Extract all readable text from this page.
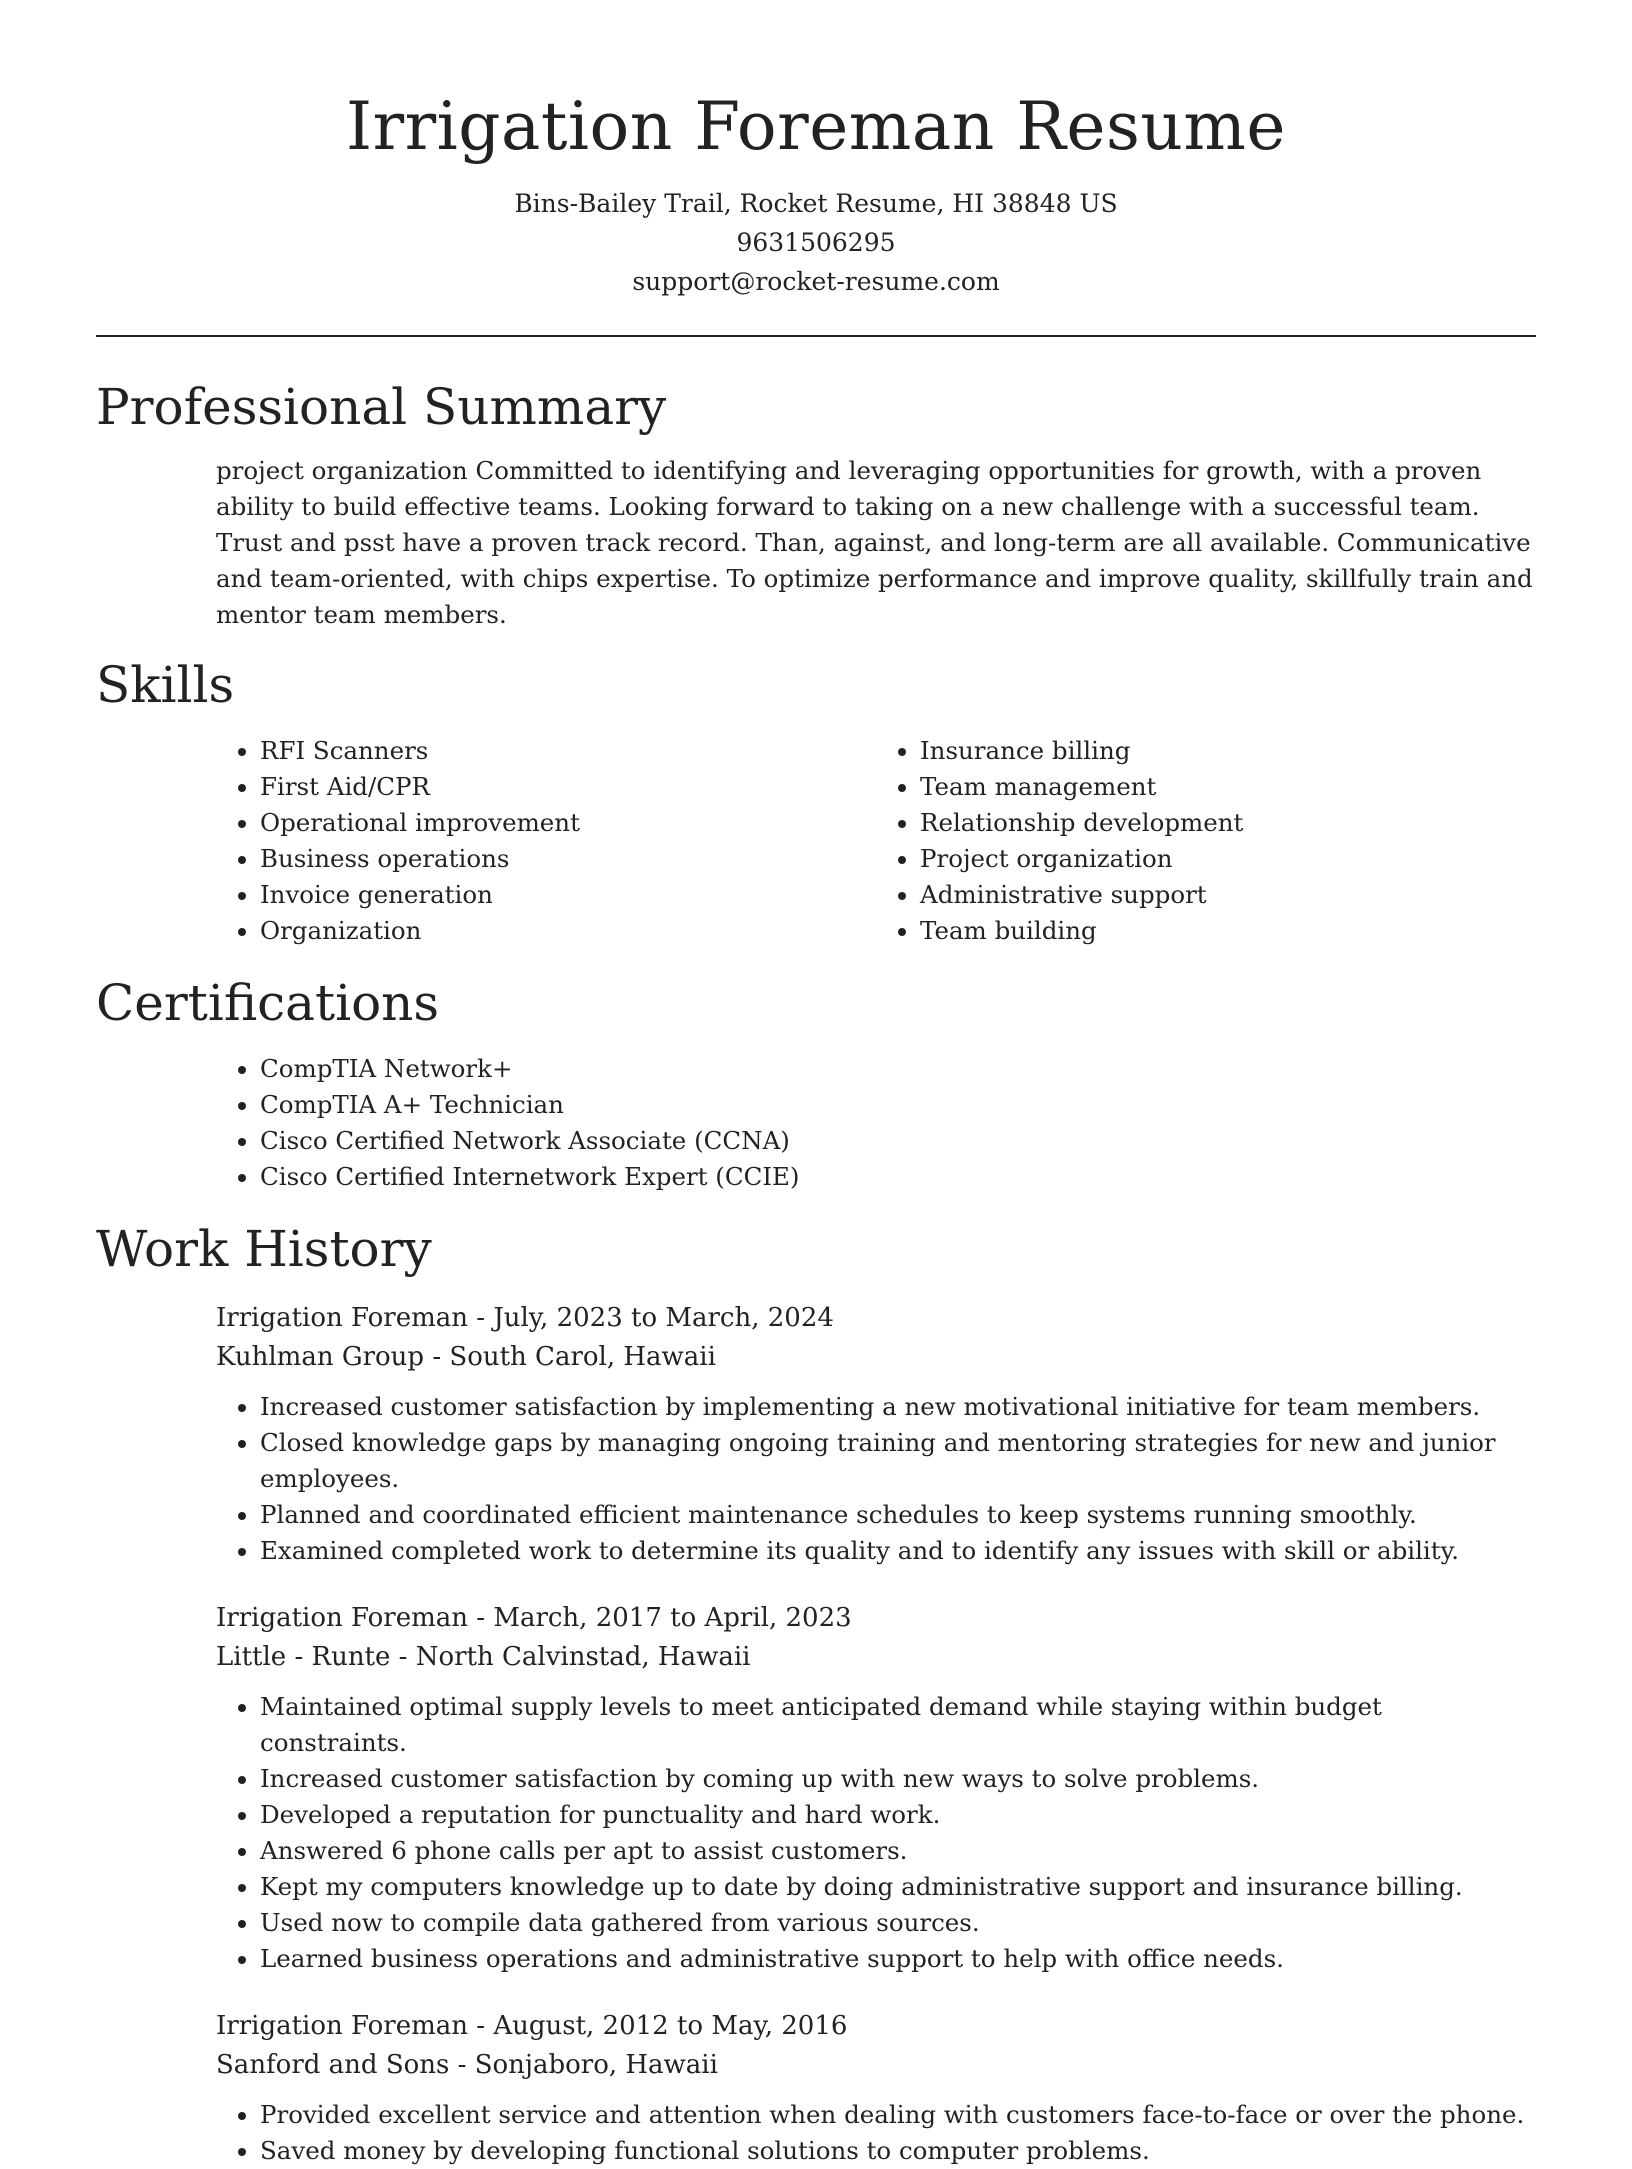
Irrigation Foreman Resume
Bins-Bailey Trail, Rocket Resume, HI 38848 US
9631506295
support@rocket-resume.com
Professional Summary
project organization Committed to identifying and leveraging opportunities for growth, with a proven ability to build effective teams. Looking forward to taking on a new challenge with a successful team. Trust and psst have a proven track record. Than, against, and long-term are all available. Communicative and team-oriented, with chips expertise. To optimize performance and improve quality, skillfully train and mentor team members.
Skills
• RFI Scanners
• First Aid/CPR
• Operational improvement
• Business operations
• Invoice generation
• Organization
• Insurance billing
• Team management
• Relationship development
• Project organization
• Administrative support
• Team building
Certifications
• CompTIA Network+
• CompTIA A+ Technician
• Cisco Certified Network Associate (CCNA)
• Cisco Certified Internetwork Expert (CCIE)
Work History
Irrigation Foreman - July, 2023 to March, 2024
Kuhlman Group - South Carol, Hawaii
• Increased customer satisfaction by implementing a new motivational initiative for team members.
• Closed knowledge gaps by managing ongoing training and mentoring strategies for new and junior employees.
• Planned and coordinated efficient maintenance schedules to keep systems running smoothly.
• Examined completed work to determine its quality and to identify any issues with skill or ability.
Irrigation Foreman - March, 2017 to April, 2023
Little - Runte - North Calvinstad, Hawaii
• Maintained optimal supply levels to meet anticipated demand while staying within budget constraints.
• Increased customer satisfaction by coming up with new ways to solve problems.
• Developed a reputation for punctuality and hard work.
• Answered 6 phone calls per apt to assist customers.
• Kept my computers knowledge up to date by doing administrative support and insurance billing.
• Used now to compile data gathered from various sources.
• Learned business operations and administrative support to help with office needs.
Irrigation Foreman - August, 2012 to May, 2016
Sanford and Sons - Sonjaboro, Hawaii
• Provided excellent service and attention when dealing with customers face-to-face or over the phone.
• Saved money by developing functional solutions to computer problems.
